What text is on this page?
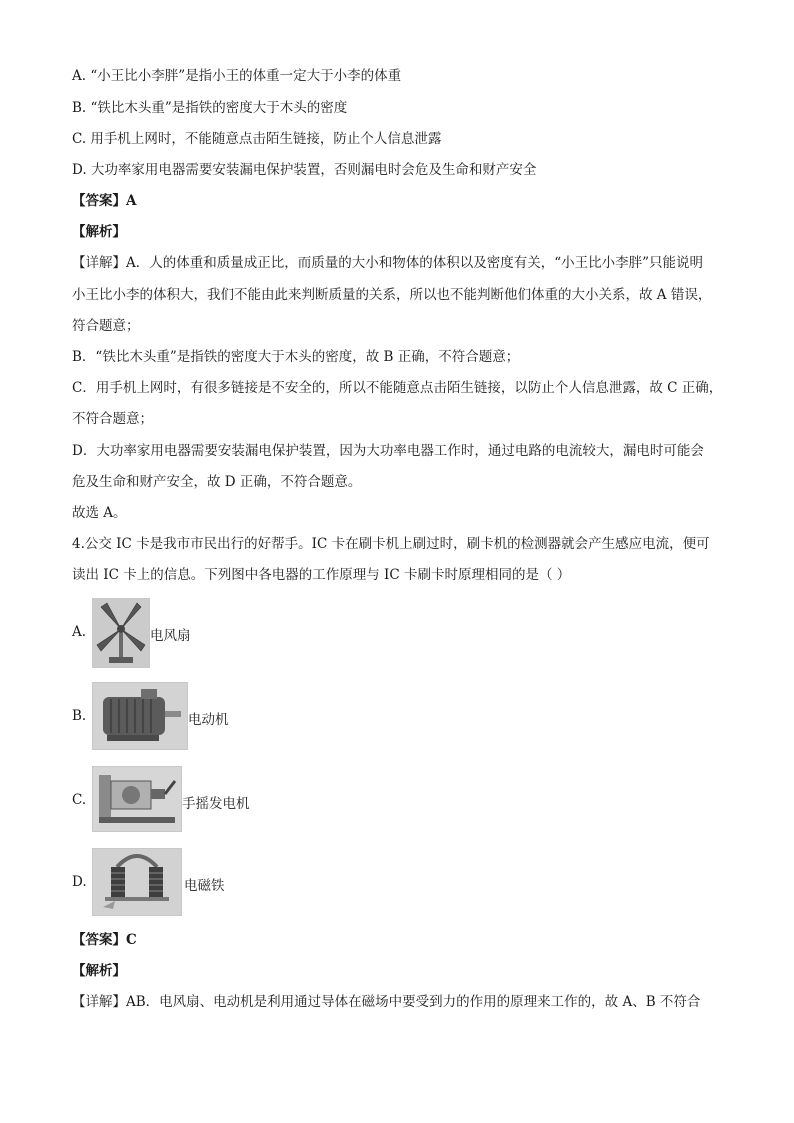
A. “小王比小李胖”是指小王的体重一定大于小李的体重
B. “铁比木头重”是指铁的密度大于木头的密度
C. 用手机上网时，不能随意点击陌生链接，防止个人信息泄露
D. 大功率家用电器需要安装漏电保护装置，否则漏电时会危及生命和财产安全
【答案】A
【解析】
【详解】A．人的体重和质量成正比，而质量的大小和物体的体积以及密度有关，“小王比小李胖”只能说明
小王比小李的体积大，我们不能由此来判断质量的关系，所以也不能判断他们体重的大小关系，故 A 错误，
符合题意；
B．“铁比木头重”是指铁的密度大于木头的密度，故 B 正确，不符合题意；
C．用手机上网时，有很多链接是不安全的，所以不能随意点击陌生链接，以防止个人信息泄露，故 C 正确，
不符合题意；
D．大功率家用电器需要安装漏电保护装置，因为大功率电器工作时，通过电路的电流较大，漏电时可能会
危及生命和财产安全，故 D 正确，不符合题意。
故选 A。
4.公交 IC 卡是我市市民出行的好帮手。IC 卡在刷卡机上刷过时，刷卡机的检测器就会产生感应电流，便可
读出 IC 卡上的信息。下列图中各电器的工作原理与 IC 卡刷卡时原理相同的是（ ）
A.	电风扇
B.	电动机
C.	手摇发电机
D.	电磁铁
【答案】C
【解析】
【详解】AB．电风扇、电动机是利用通过导体在磁场中要受到力的作用的原理来工作的，故 A、B 不符合
